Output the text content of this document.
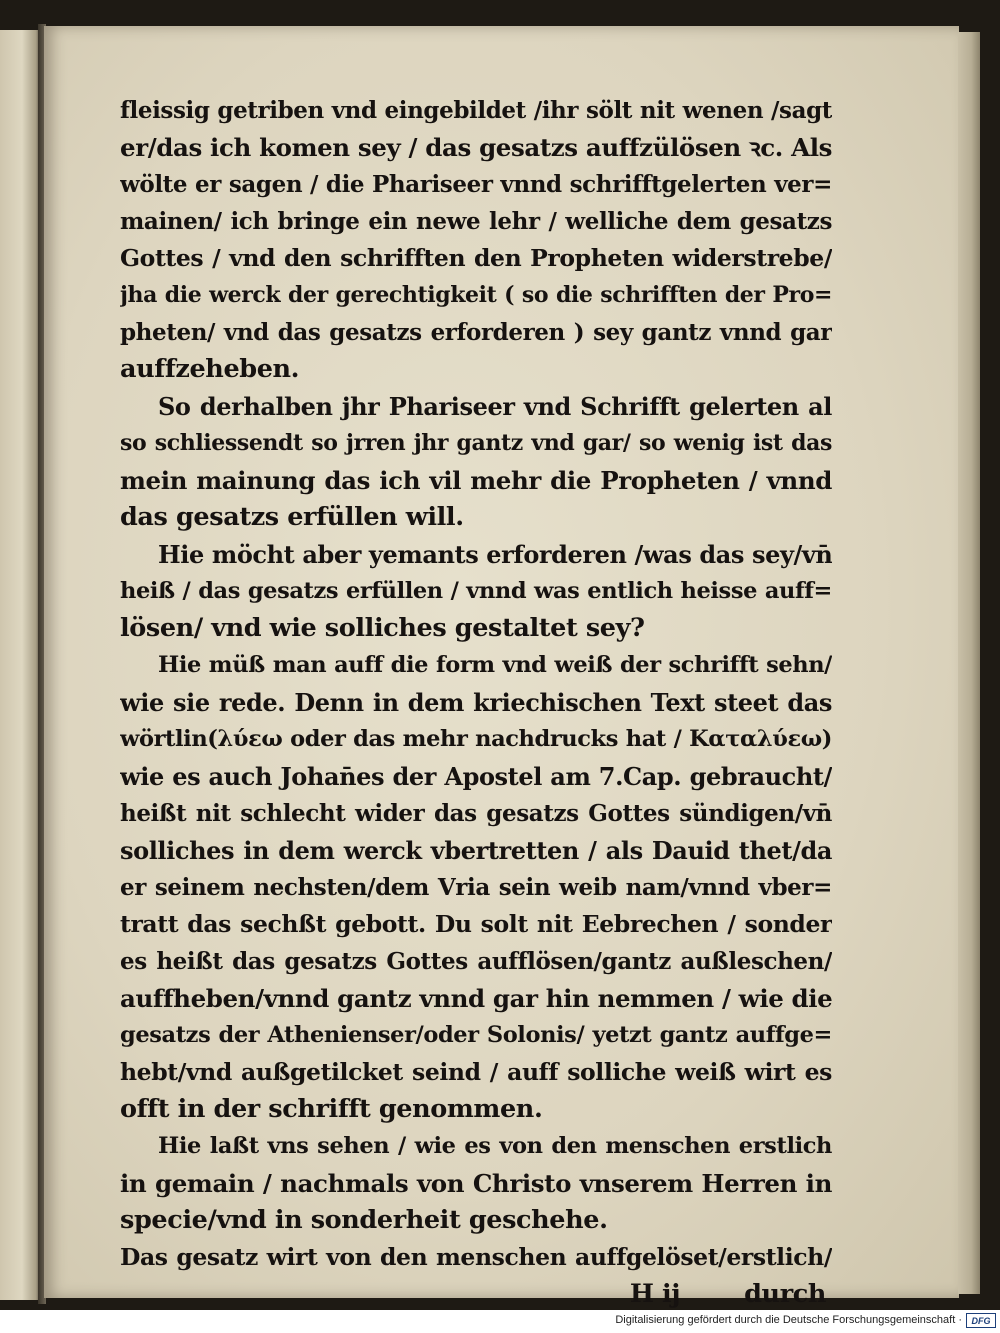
fleissig getriben vnd eingebildet /ihr sölt nit wenen /sagt
er/das ich komen sey / das gesatzs auffzülösen ꝛc. Als
wölte er sagen / die Phariseer vnnd schrifftgelerten ver=
mainen/ ich bringe ein newe lehr / welliche dem gesatzs
Gottes / vnd den schrifften den Propheten widerstrebe/
jha die werck der gerechtigkeit ( so die schrifften der Pro=
pheten/ vnd das gesatzs erforderen ) sey gantz vnnd gar
auffzeheben.
So derhalben jhr Phariseer vnd Schrifft gelerten al
so schliessendt so jrren jhr gantz vnd gar/ so wenig ist das
mein mainung das ich vil mehr die Propheten / vnnd
das gesatzs erfüllen will.
Hie möcht aber yemants erforderen /was das sey/vn̄
heiß / das gesatzs erfüllen / vnnd was entlich heisse auff=
lösen/ vnd wie solliches gestaltet sey?
Hie müß man auff die form vnd weiß der schrifft sehn/
wie sie rede. Denn in dem kriechischen Text steet das
wörtlin(λύεω oder das mehr nachdrucks hat / Καταλύεω)
wie es auch Johan̄es der Apostel am 7.Cap. gebraucht/
heißt nit schlecht wider das gesatzs Gottes sündigen/vn̄
solliches in dem werck vbertretten / als Dauid thet/da
er seinem nechsten/dem Vria sein weib nam/vnnd vber=
tratt das sechßt gebott. Du solt nit Eebrechen / sonder
es heißt das gesatzs Gottes aufflösen/gantz außleschen/
auffheben/vnnd gantz vnnd gar hin nemmen / wie die
gesatzs der Athenienser/oder Solonis/ yetzt gantz auffge=
hebt/vnd außgetilcket seind / auff solliche weiß wirt es
offt in der schrifft genommen.
Hie laßt vns sehen / wie es von den menschen erstlich
in gemain / nachmals von Christo vnserem Herren in
specie/vnd in sonderheit geschehe.
Das gesatz wirt von den menschen auffgelöset/erstlich/
H ij	durch
Digitalisierung gefördert durch die Deutsche Forschungsgemeinschaft ·	DFG
